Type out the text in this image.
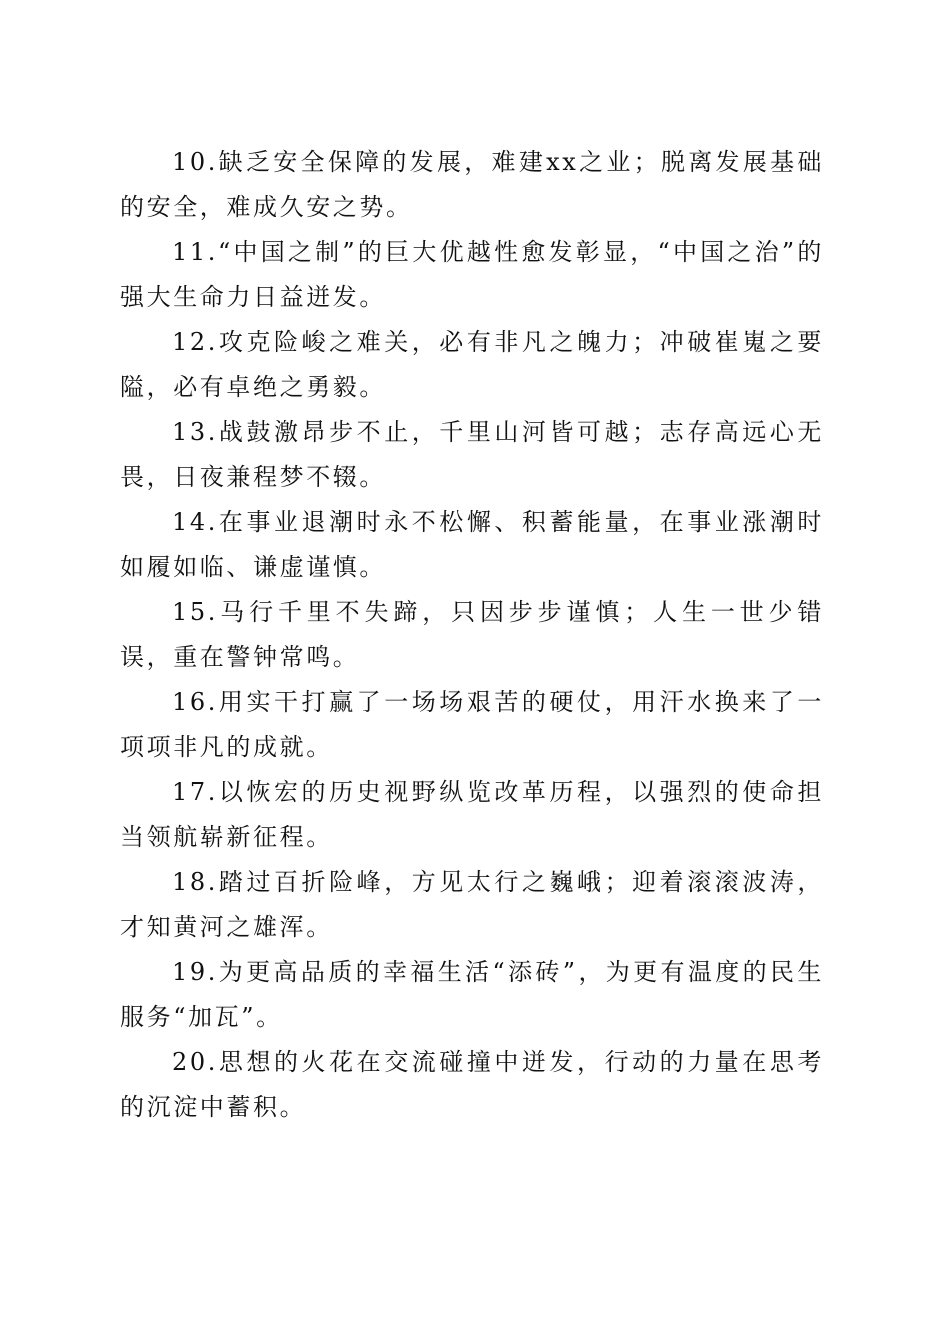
10.缺乏安全保障的发展，难建xx之业；脱离发展基础的安全，难成久安之势。

11.“中国之制”的巨大优越性愈发彰显，“中国之治”的强大生命力日益迸发。

12.攻克险峻之难关，必有非凡之魄力；冲破崔嵬之要隘，必有卓绝之勇毅。

13.战鼓激昂步不止，千里山河皆可越；志存高远心无畏，日夜兼程梦不辍。

14.在事业退潮时永不松懈、积蓄能量，在事业涨潮时如履如临、谦虚谨慎。

15.马行千里不失蹄，只因步步谨慎；人生一世少错误，重在警钟常鸣。

16.用实干打赢了一场场艰苦的硬仗，用汗水换来了一项项非凡的成就。

17.以恢宏的历史视野纵览改革历程，以强烈的使命担当领航崭新征程。

18.踏过百折险峰，方见太行之巍峨；迎着滚滚波涛，才知黄河之雄浑。

19.为更高品质的幸福生活“添砖”，为更有温度的民生服务“加瓦”。

20.思想的火花在交流碰撞中迸发，行动的力量在思考的沉淀中蓄积。
